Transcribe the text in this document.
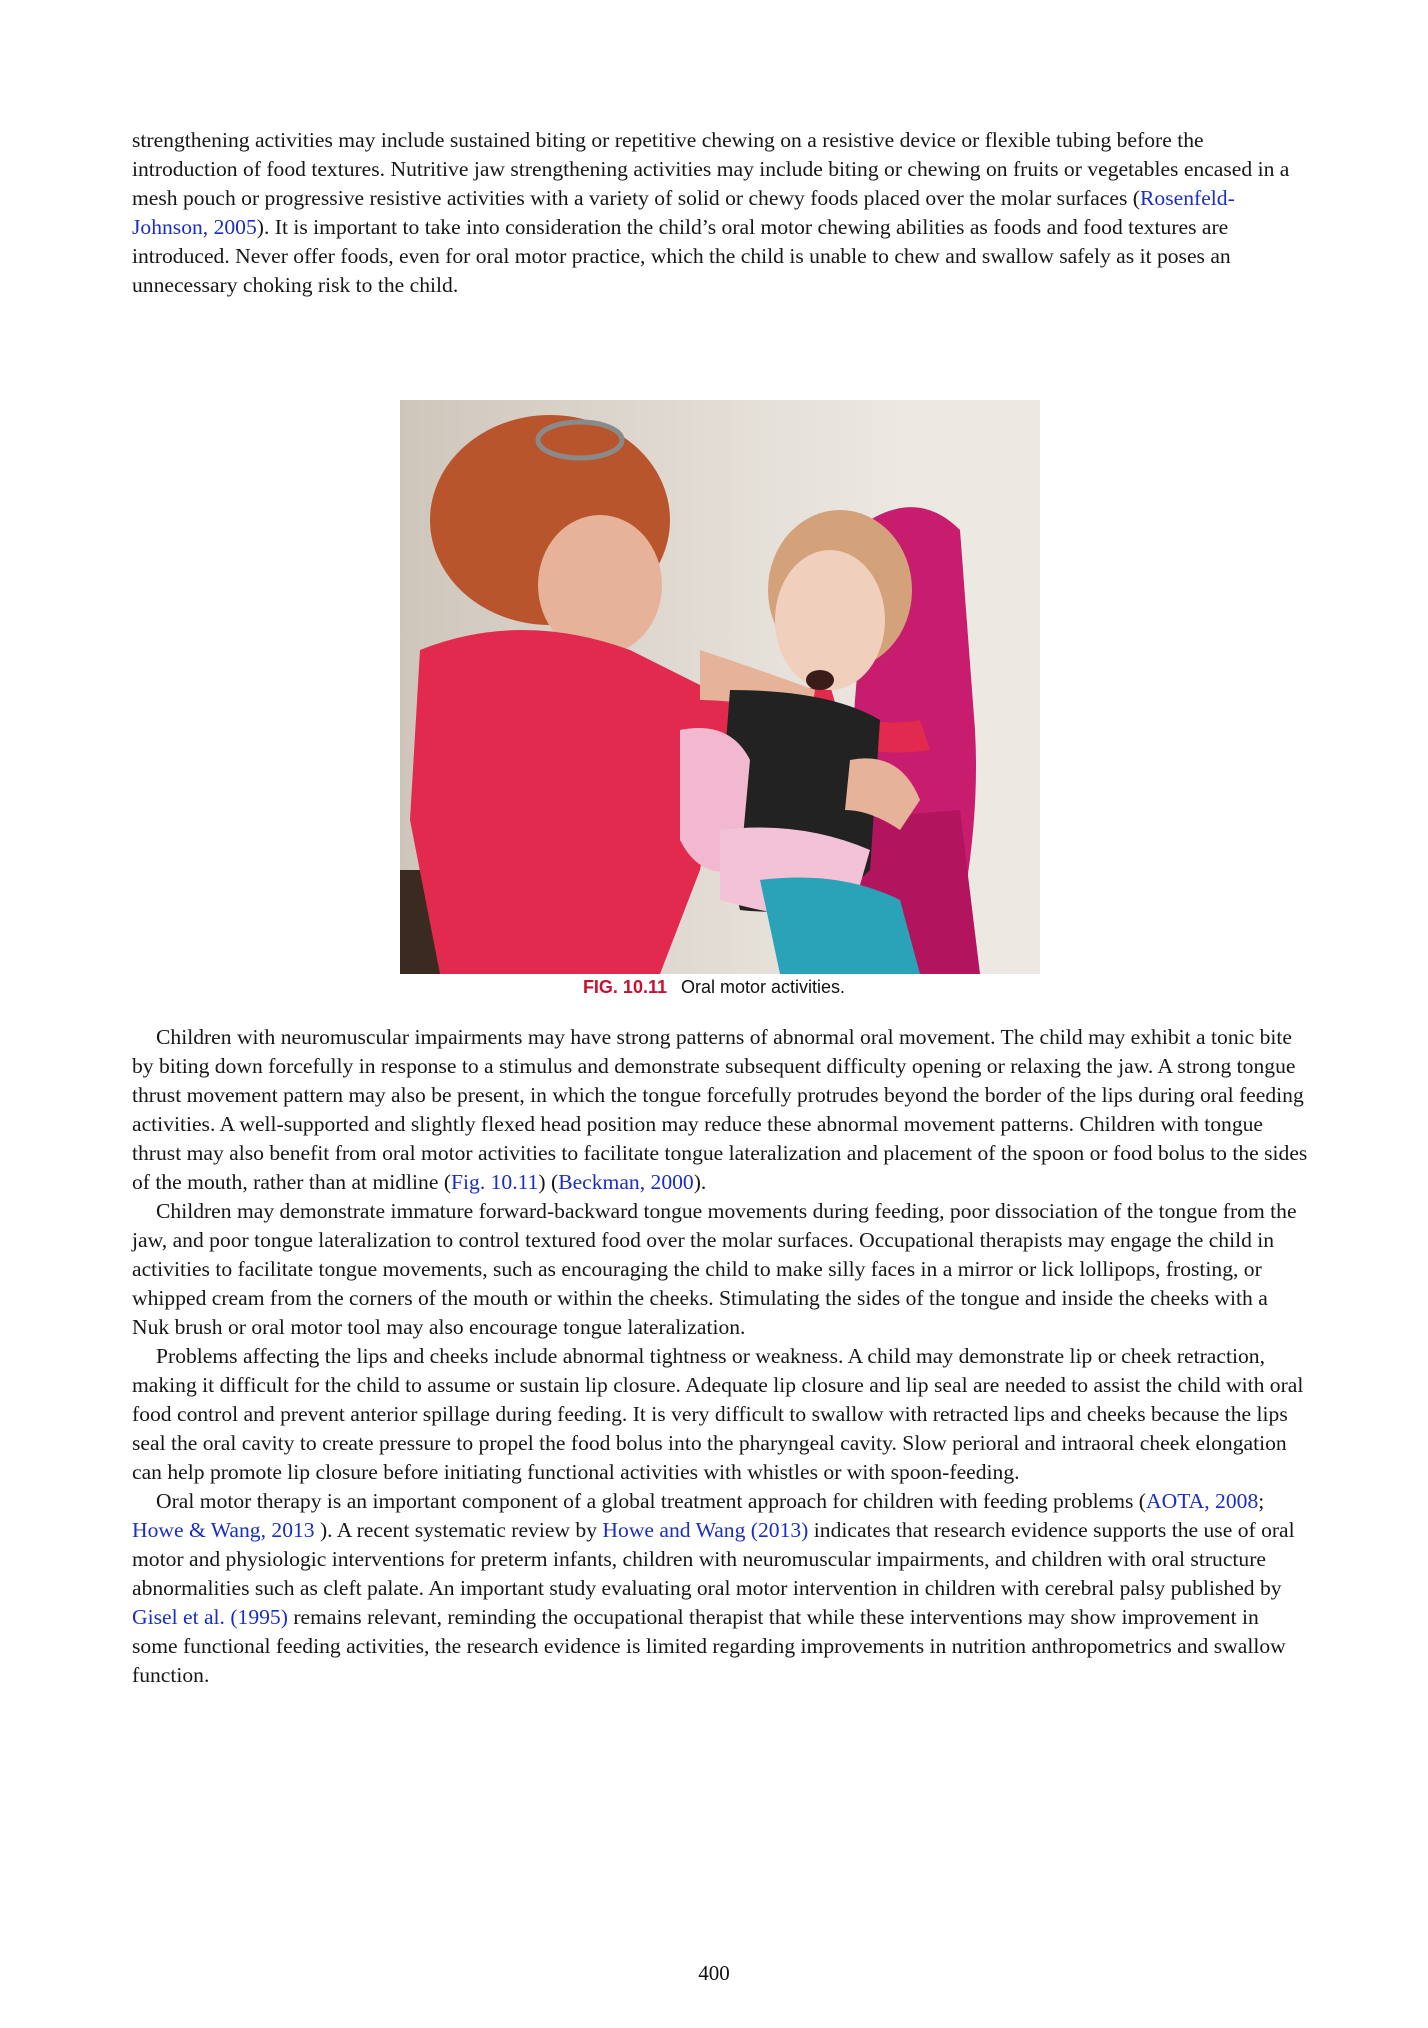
strengthening activities may include sustained biting or repetitive chewing on a resistive device or flexible tubing before the introduction of food textures. Nutritive jaw strengthening activities may include biting or chewing on fruits or vegetables encased in a mesh pouch or progressive resistive activities with a variety of solid or chewy foods placed over the molar surfaces (Rosenfeld-Johnson, 2005). It is important to take into consideration the child’s oral motor chewing abilities as foods and food textures are introduced. Never offer foods, even for oral motor practice, which the child is unable to chew and swallow safely as it poses an unnecessary choking risk to the child.

FIG. 10.11 Oral motor activities.

Children with neuromuscular impairments may have strong patterns of abnormal oral movement. The child may exhibit a tonic bite by biting down forcefully in response to a stimulus and demonstrate subsequent difficulty opening or relaxing the jaw. A strong tongue thrust movement pattern may also be present, in which the tongue forcefully protrudes beyond the border of the lips during oral feeding activities. A well-supported and slightly flexed head position may reduce these abnormal movement patterns. Children with tongue thrust may also benefit from oral motor activities to facilitate tongue lateralization and placement of the spoon or food bolus to the sides of the mouth, rather than at midline (Fig. 10.11) (Beckman, 2000).

Children may demonstrate immature forward-backward tongue movements during feeding, poor dissociation of the tongue from the jaw, and poor tongue lateralization to control textured food over the molar surfaces. Occupational therapists may engage the child in activities to facilitate tongue movements, such as encouraging the child to make silly faces in a mirror or lick lollipops, frosting, or whipped cream from the corners of the mouth or within the cheeks. Stimulating the sides of the tongue and inside the cheeks with a Nuk brush or oral motor tool may also encourage tongue lateralization.

Problems affecting the lips and cheeks include abnormal tightness or weakness. A child may demonstrate lip or cheek retraction, making it difficult for the child to assume or sustain lip closure. Adequate lip closure and lip seal are needed to assist the child with oral food control and prevent anterior spillage during feeding. It is very difficult to swallow with retracted lips and cheeks because the lips seal the oral cavity to create pressure to propel the food bolus into the pharyngeal cavity. Slow perioral and intraoral cheek elongation can help promote lip closure before initiating functional activities with whistles or with spoon-feeding.

Oral motor therapy is an important component of a global treatment approach for children with feeding problems (AOTA, 2008; Howe & Wang, 2013 ). A recent systematic review by Howe and Wang (2013) indicates that research evidence supports the use of oral motor and physiologic interventions for preterm infants, children with neuromuscular impairments, and children with oral structure abnormalities such as cleft palate. An important study evaluating oral motor intervention in children with cerebral palsy published by Gisel et al. (1995) remains relevant, reminding the occupational therapist that while these interventions may show improvement in some functional feeding activities, the research evidence is limited regarding improvements in nutrition anthropometrics and swallow function.

400
